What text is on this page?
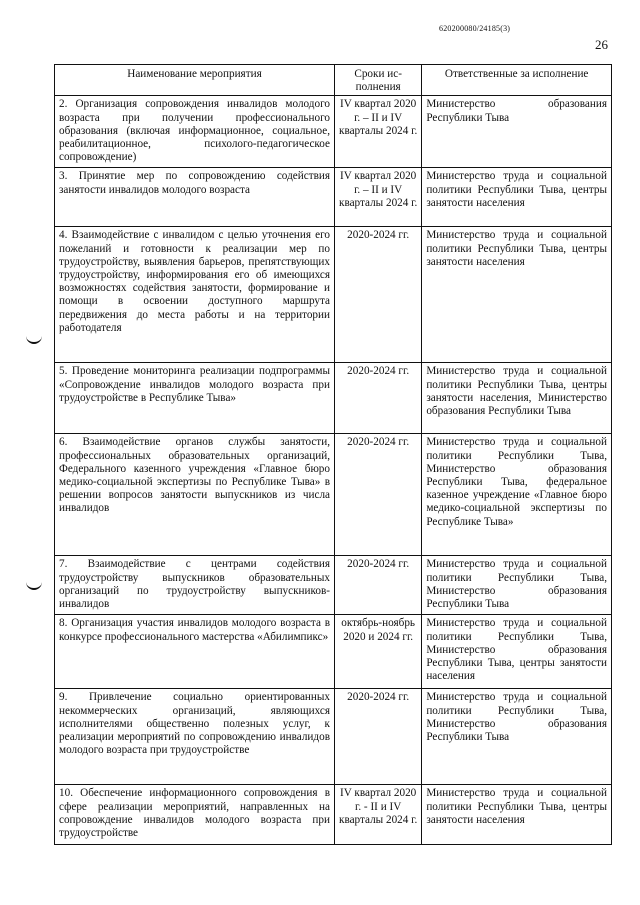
620200080/24185(3)
26
Наименование мероприятия	Сроки ис-полнения	Ответственные за исполнение
2. Организация сопровождения инвалидов молодого возраста при получении профессионального образования (включая информационное, социальное, реабилитационное, психолого-педагогическое сопровождение)	IV квартал 2020 г. – II и IV кварталы 2024 г.	Министерство образования Республики Тыва
3. Принятие мер по сопровождению содействия занятости инвалидов молодого возраста	IV квартал 2020 г. – II и IV кварталы 2024 г.	Министерство труда и социальной политики Республики Тыва, центры занятости населения
4. Взаимодействие с инвалидом с целью уточнения его пожеланий и готовности к реализации мер по трудоустройству, выявления барьеров, препятствующих трудоустройству, информирования его об имеющихся возможностях содействия занятости, формирование и помощи в освоении доступного маршрута передвижения до места работы и на территории работодателя	2020-2024 гг.	Министерство труда и социальной политики Республики Тыва, центры занятости населения
5. Проведение мониторинга реализации подпрограммы «Сопровождение инвалидов молодого возраста при трудоустройстве в Республике Тыва»	2020-2024 гг.	Министерство труда и социальной политики Республики Тыва, центры занятости населения, Министерство образования Республики Тыва
6. Взаимодействие органов службы занятости, профессиональных образовательных организаций, Федерального казенного учреждения «Главное бюро медико-социальной экспертизы по Республике Тыва» в решении вопросов занятости выпускников из числа инвалидов	2020-2024 гг.	Министерство труда и социальной политики Республики Тыва, Министерство образования Республики Тыва, федеральное казенное учреждение «Главное бюро медико-социальной экспертизы по Республике Тыва»
7. Взаимодействие с центрами содействия трудоустройству выпускников образовательных организаций по трудоустройству выпускников-инвалидов	2020-2024 гг.	Министерство труда и социальной политики Республики Тыва, Министерство образования Республики Тыва
8. Организация участия инвалидов молодого возраста в конкурсе профессионального мастерства «Абилимпикс»	октябрь-ноябрь 2020 и 2024 гг.	Министерство труда и социальной политики Республики Тыва, Министерство образования Республики Тыва, центры занятости населения
9. Привлечение социально ориентированных некоммерческих организаций, являющихся исполнителями общественно полезных услуг, к реализации мероприятий по сопровождению инвалидов молодого возраста при трудоустройстве	2020-2024 гг.	Министерство труда и социальной политики Республики Тыва, Министерство образования Республики Тыва
10. Обеспечение информационного сопровождения в сфере реализации мероприятий, направленных на сопровождение инвалидов молодого возраста при трудоустройстве	IV квартал 2020 г. - II и IV кварталы 2024 г.	Министерство труда и социальной политики Республики Тыва, центры занятости населения
